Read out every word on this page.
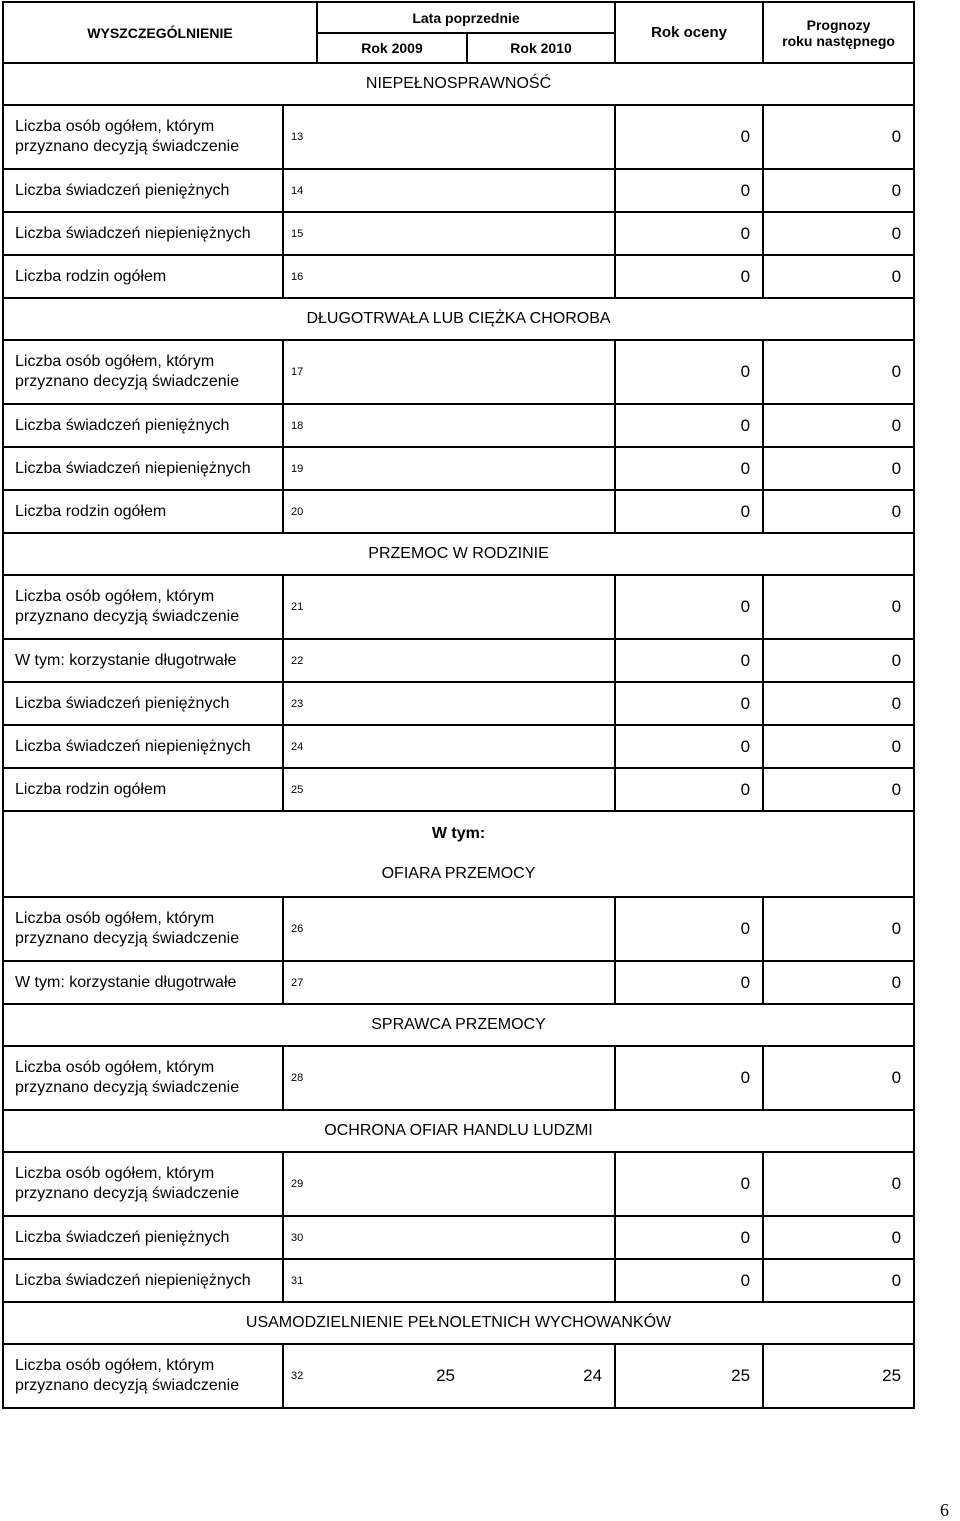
WYSZCZEGÓLNIENIE		Lata poprzednie		Rok oceny	Prognozy
roku następnego

		Rok 2009	Rok 2010		

NIEPEŁNOSPRAWNOŚĆ					

Liczba osób ogółem, którym przyznano decyzją świadczenie	13			0	0
Liczba świadczeń pieniężnych	14			0	0
Liczba świadczeń niepieniężnych	15			0	0
Liczba rodzin ogółem	16			0	0

DŁUGOTRWAŁA LUB CIĘŻKA CHOROBA					

Liczba osób ogółem, którym przyznano decyzją świadczenie	17			0	0
Liczba świadczeń pieniężnych	18			0	0
Liczba świadczeń niepieniężnych	19			0	0
Liczba rodzin ogółem	20			0	0

PRZEMOC W RODZINIE					

Liczba osób ogółem, którym przyznano decyzją świadczenie	21			0	0
W tym: korzystanie długotrwałe	22			0	0
Liczba świadczeń pieniężnych	23			0	0
Liczba świadczeń niepieniężnych	24			0	0
Liczba rodzin ogółem	25			0	0

W tym:
OFIARA PRZEMOCY					

Liczba osób ogółem, którym przyznano decyzją świadczenie	26			0	0
W tym: korzystanie długotrwałe	27			0	0

SPRAWCA PRZEMOCY					

Liczba osób ogółem, którym przyznano decyzją świadczenie	28			0	0

OCHRONA OFIAR HANDLU LUDZMI					

Liczba osób ogółem, którym przyznano decyzją świadczenie	29			0	0
Liczba świadczeń pieniężnych	30			0	0
Liczba świadczeń niepieniężnych	31			0	0

USAMODZIELNIENIE PEŁNOLETNICH WYCHOWANKÓW					

Liczba osób ogółem, którym przyznano decyzją świadczenie	32	25	24	25	25
6
